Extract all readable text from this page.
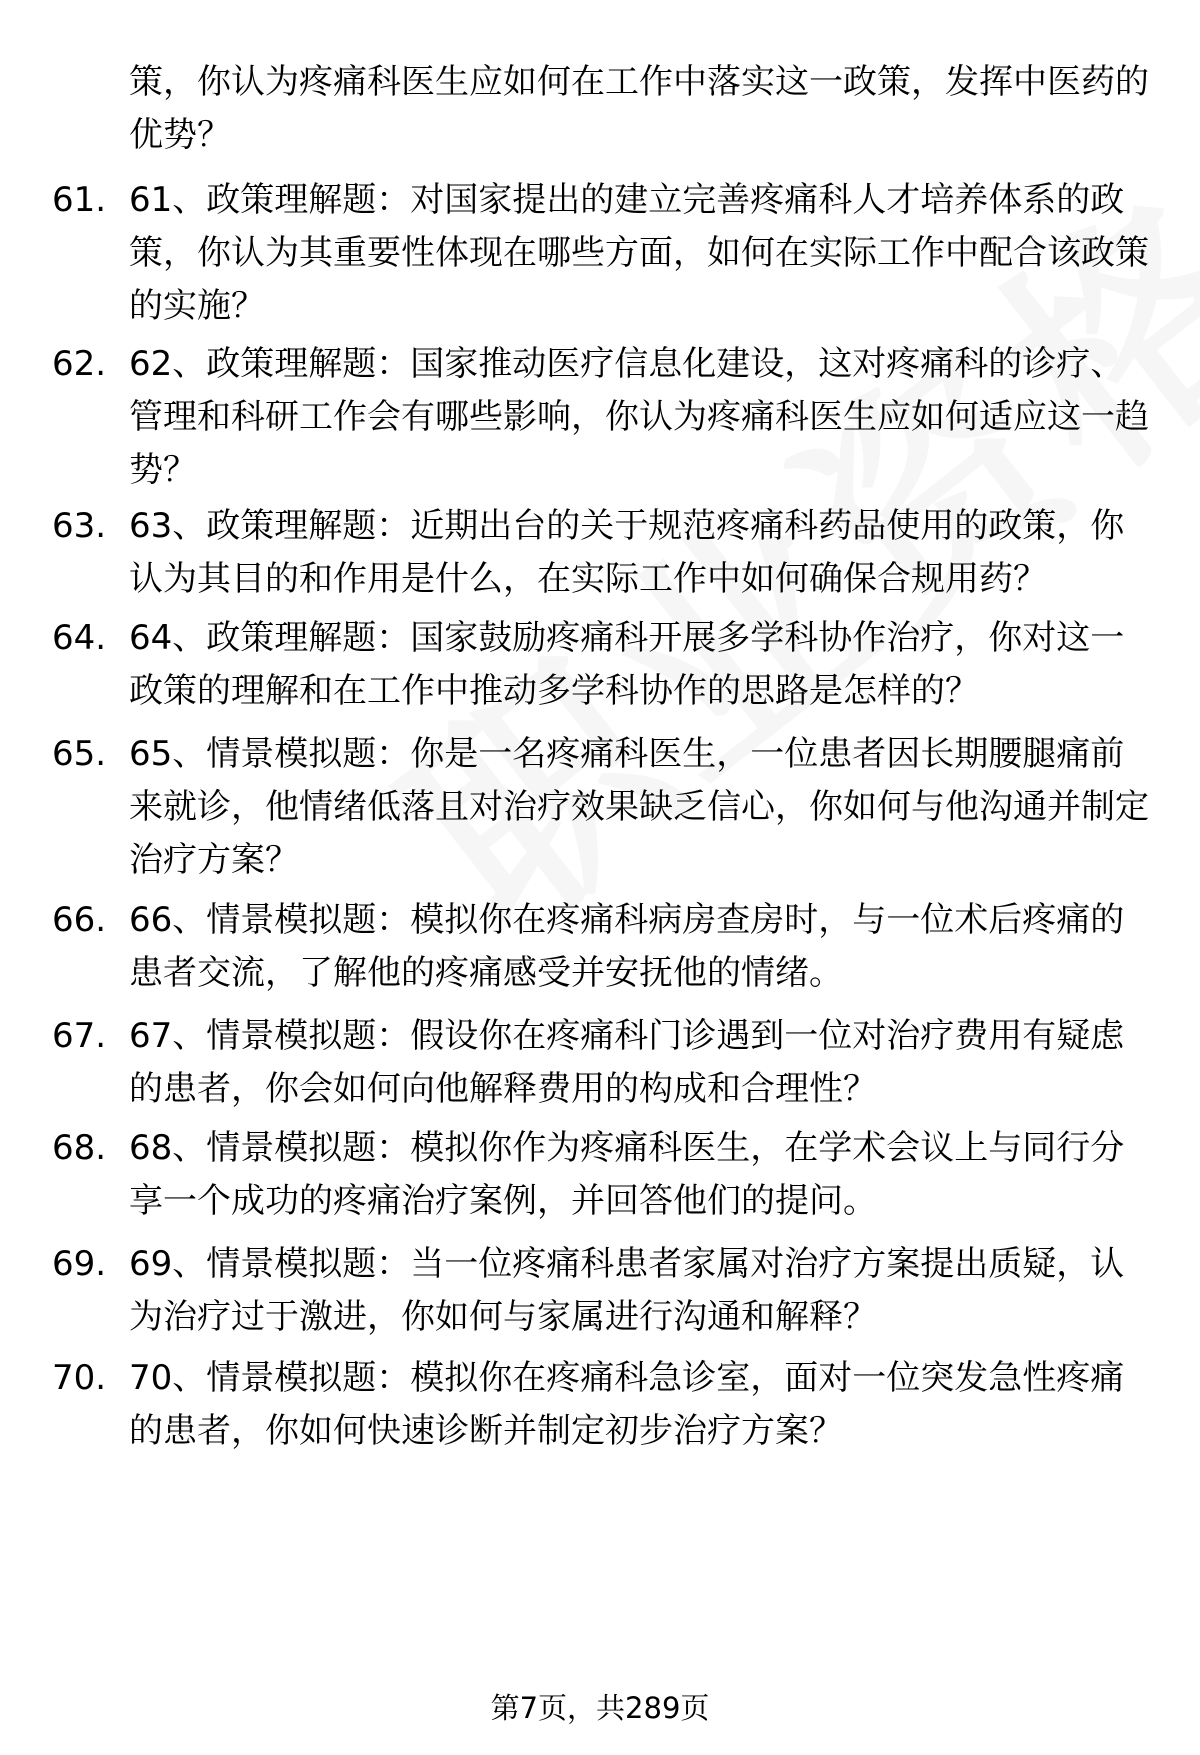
策，你认为疼痛科医生应如何在工作中落实这一政策，发挥中医药的优势？
61. 61、政策理解题：对国家提出的建立完善疼痛科人才培养体系的政策，你认为其重要性体现在哪些方面，如何在实际工作中配合该政策的实施？
62. 62、政策理解题：国家推动医疗信息化建设，这对疼痛科的诊疗、管理和科研工作会有哪些影响，你认为疼痛科医生应如何适应这一趋势？
63. 63、政策理解题：近期出台的关于规范疼痛科药品使用的政策，你认为其目的和作用是什么，在实际工作中如何确保合规用药？
64. 64、政策理解题：国家鼓励疼痛科开展多学科协作治疗，你对这一政策的理解和在工作中推动多学科协作的思路是怎样的？
65. 65、情景模拟题：你是一名疼痛科医生，一位患者因长期腰腿痛前来就诊，他情绪低落且对治疗效果缺乏信心，你如何与他沟通并制定治疗方案？
66. 66、情景模拟题：模拟你在疼痛科病房查房时，与一位术后疼痛的患者交流，了解他的疼痛感受并安抚他的情绪。
67. 67、情景模拟题：假设你在疼痛科门诊遇到一位对治疗费用有疑虑的患者，你会如何向他解释费用的构成和合理性？
68. 68、情景模拟题：模拟你作为疼痛科医生，在学术会议上与同行分享一个成功的疼痛治疗案例，并回答他们的提问。
69. 69、情景模拟题：当一位疼痛科患者家属对治疗方案提出质疑，认为治疗过于激进，你如何与家属进行沟通和解释？
70. 70、情景模拟题：模拟你在疼痛科急诊室，面对一位突发急性疼痛的患者，你如何快速诊断并制定初步治疗方案？
第7页，共289页
